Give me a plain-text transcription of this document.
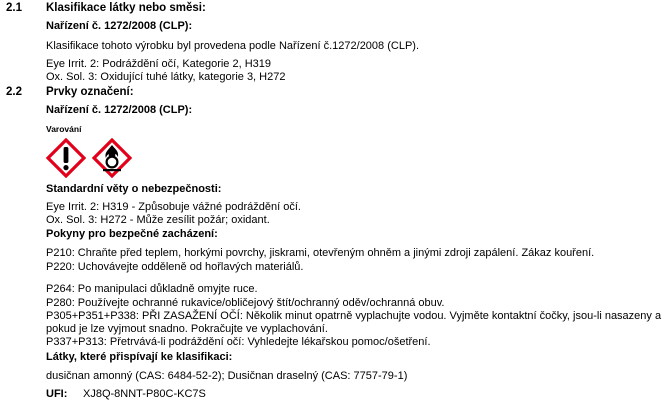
2.1 Klasifikace látky nebo směsi:
Nařízení č. 1272/2008 (CLP):
Klasifikace tohoto výrobku byl provedena podle Nařízení č.1272/2008 (CLP).
Eye Irrit. 2: Podráždění očí, Kategorie 2, H319
Ox. Sol. 3: Oxidující tuhé látky, kategorie 3, H272
2.2 Prvky označení:
Nařízení č. 1272/2008 (CLP):
Varování
Standardní věty o nebezpečnosti:
Eye Irrit. 2: H319 - Způsobuje vážné podráždění očí.
Ox. Sol. 3: H272 - Může zesílit požár; oxidant.
Pokyny pro bezpečné zacházení:
P210: Chraňte před teplem, horkými povrchy, jiskrami, otevřeným ohněm a jinými zdroji zapálení. Zákaz kouření.
P220: Uchovávejte odděleně od hořlavých materiálů.
P264: Po manipulaci důkladně omyjte ruce.
P280: Používejte ochranné rukavice/obličejový štít/ochranný oděv/ochranná obuv.
P305+P351+P338: PŘI ZASAŽENÍ OČÍ: Několik minut opatrně vyplachujte vodou. Vyjměte kontaktní čočky, jsou-li nasazeny a
pokud je lze vyjmout snadno. Pokračujte ve vyplachování.
P337+P313: Přetrvává-li podráždění očí: Vyhledejte lékařskou pomoc/ošetření.
Látky, které přispívají ke klasifikaci:
dusičnan amonný (CAS: 6484-52-2); Dusičnan draselný (CAS: 7757-79-1)
UFI: XJ8Q-8NNT-P80C-KC7S
